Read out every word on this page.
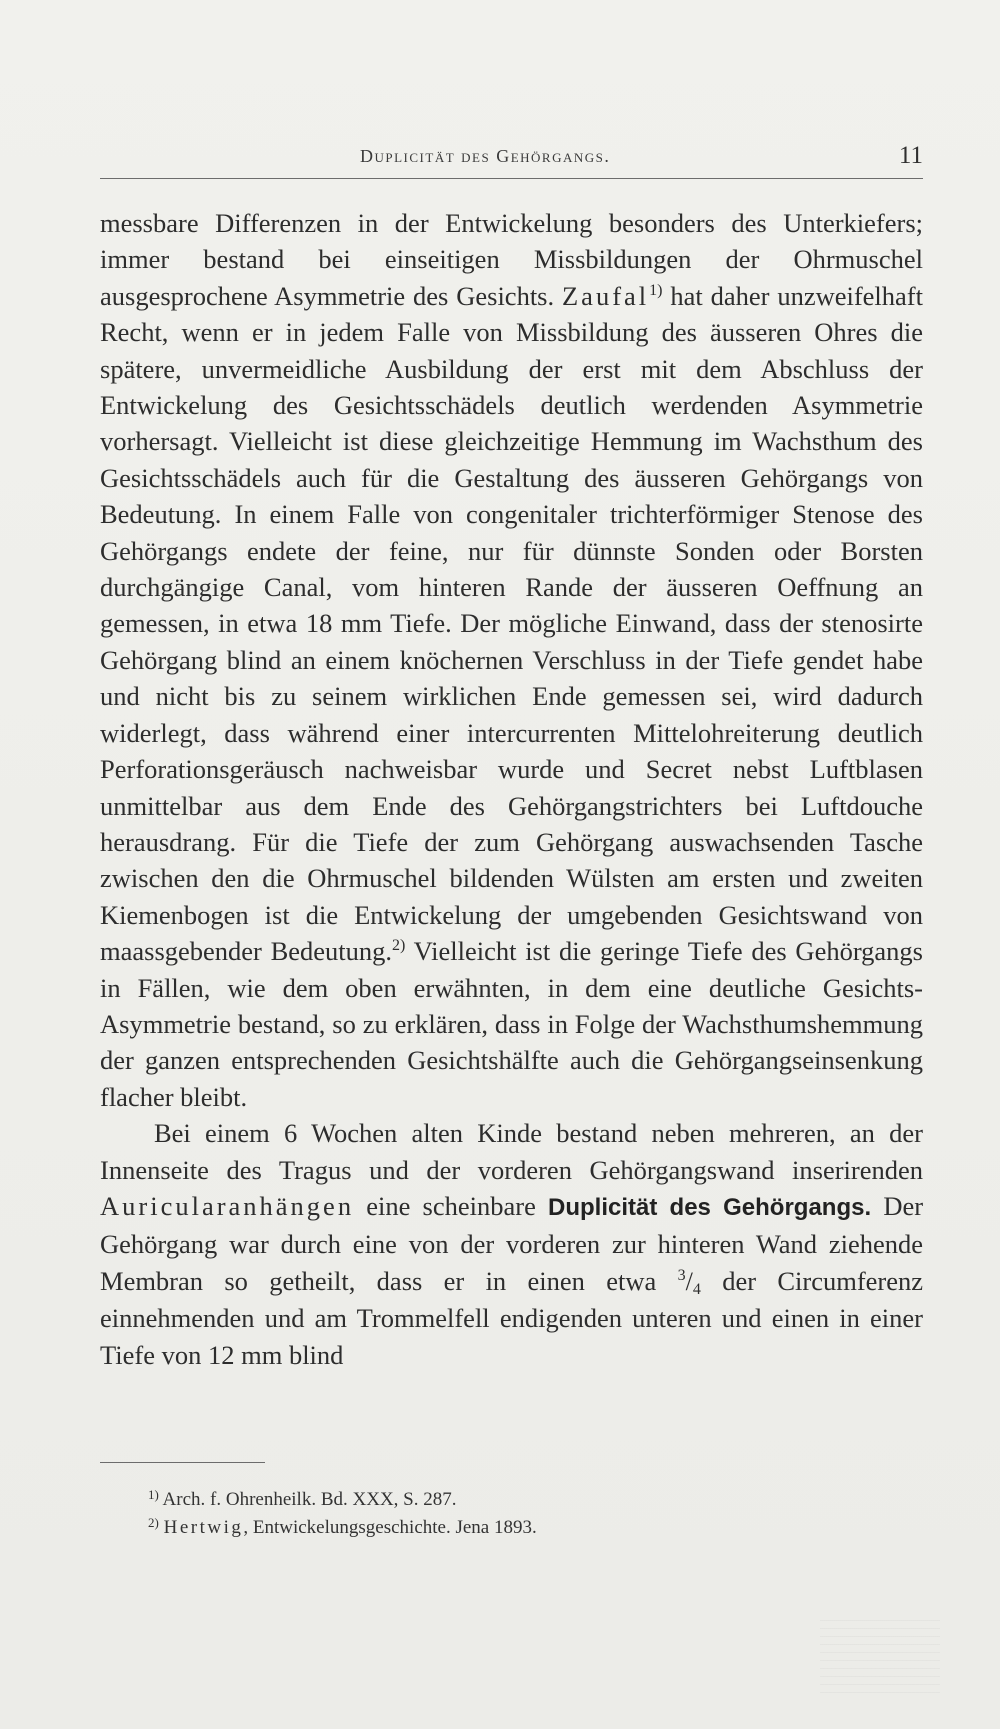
Duplicität des Gehörgangs.	11

messbare Differenzen in der Entwickelung besonders des Unterkiefers; immer bestand bei einseitigen Missbildungen der Ohrmuschel ausgesprochene Asymmetrie des Gesichts. Zaufal$^{1)}$ hat daher unzweifelhaft Recht, wenn er in jedem Falle von Missbildung des äusseren Ohres die spätere, unvermeidliche Ausbildung der erst mit dem Abschluss der Entwickelung des Gesichtsschädels deutlich werdenden Asymmetrie vorhersagt. Vielleicht ist diese gleichzeitige Hemmung im Wachsthum des Gesichtsschädels auch für die Gestaltung des äusseren Gehörgangs von Bedeutung. In einem Falle von congenitaler trichterförmiger Stenose des Gehörgangs endete der feine, nur für dünnste Sonden oder Borsten durchgängige Canal, vom hinteren Rande der äusseren Oeffnung an gemessen, in etwa 18 mm Tiefe. Der mögliche Einwand, dass der stenosirte Gehörgang blind an einem knöchernen Verschluss in der Tiefe gendet habe und nicht bis zu seinem wirklichen Ende gemessen sei, wird dadurch widerlegt, dass während einer intercurrenten Mittelohreiterung deutlich Perforationsgeräusch nachweisbar wurde und Secret nebst Luftblasen unmittelbar aus dem Ende des Gehörgangstrichters bei Luftdouche herausdrang. Für die Tiefe der zum Gehörgang auswachsenden Tasche zwischen den die Ohrmuschel bildenden Wülsten am ersten und zweiten Kiemenbogen ist die Entwickelung der umgebenden Gesichtswand von maassgebender Bedeutung.$^{2)}$ Vielleicht ist die geringe Tiefe des Gehörgangs in Fällen, wie dem oben erwähnten, in dem eine deutliche Gesichts-Asymmetrie bestand, so zu erklären, dass in Folge der Wachsthumshemmung der ganzen entsprechenden Gesichtshälfte auch die Gehörgangseinsenkung flacher bleibt.

Bei einem 6 Wochen alten Kinde bestand neben mehreren, an der Innenseite des Tragus und der vorderen Gehörgangswand inserirenden Auricularanhängen eine scheinbare Duplicität des Gehörgangs. Der Gehörgang war durch eine von der vorderen zur hinteren Wand ziehende Membran so getheilt, dass er in einen etwa $^3$/4 der Circumferenz einnehmenden und am Trommelfell endigenden unteren und einen in einer Tiefe von 12 mm blind

$^{1)}$ Arch. f. Ohrenheilk. Bd. XXX, S. 287.

$^{2)}$ Hertwig, Entwickelungsgeschichte. Jena 1893.
